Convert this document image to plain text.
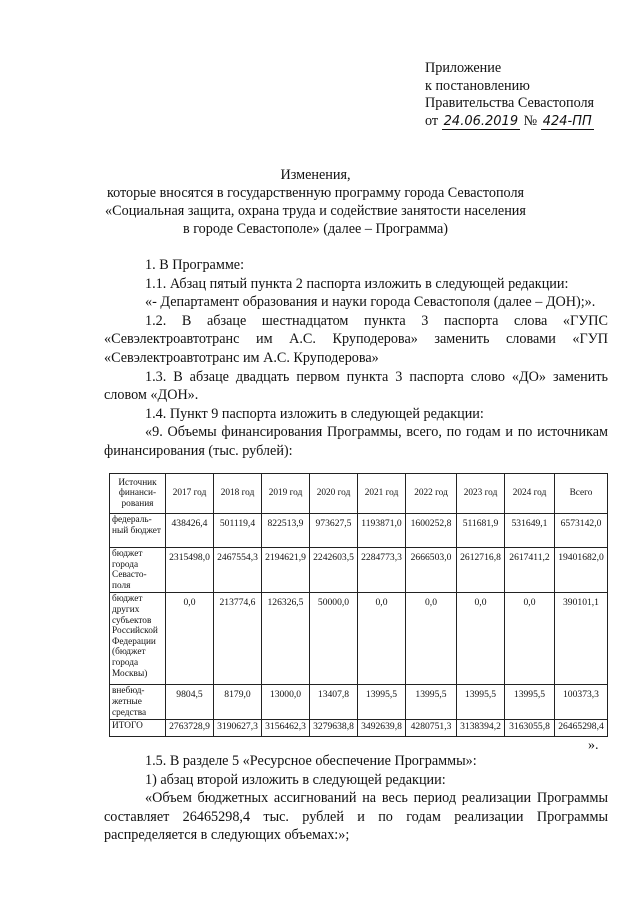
Приложение
к постановлению
Правительства Севастополя
от 24.06.2019 № 424-ПП
Изменения,
которые вносятся в государственную программу города Севастополя
«Социальная защита, охрана труда и содействие занятости населения
в городе Севастополе» (далее – Программа)
1. В Программе:
1.1. Абзац пятый пункта 2 паспорта изложить в следующей редакции:
«- Департамент образования и науки города Севастополя (далее – ДОН);».
1.2. В абзаце шестнадцатом пункта 3 паспорта слова «ГУПС «Севэлектроавтотранс им А.С. Круподерова» заменить словами «ГУП «Севэлектроавтотранс им А.С. Круподерова»
1.3. В абзаце двадцать первом пункта 3 паспорта слово «ДО» заменить словом «ДОН».
1.4. Пункт 9 паспорта изложить в следующей редакции:
«9. Объемы финансирования Программы, всего, по годам и по источникам финансирования (тыс. рублей):
Источник финанси-рования	2017 год	2018 год	2019 год	2020 год	2021 год	2022 год	2023 год	2024 год	Всего
федераль-ный бюджет	438426,4	501119,4	822513,9	973627,5	1193871,0	1600252,8	511681,9	531649,1	6573142,0
бюджет города Севасто-поля	2315498,0	2467554,3	2194621,9	2242603,5	2284773,3	2666503,0	2612716,8	2617411,2	19401682,0
бюджет других субъектов Российской Федерации (бюджет города Москвы)	0,0	213774,6	126326,5	50000,0	0,0	0,0	0,0	0,0	390101,1
внебюд-жетные средства	9804,5	8179,0	13000,0	13407,8	13995,5	13995,5	13995,5	13995,5	100373,3
ИТОГО	2763728,9	3190627,3	3156462,3	3279638,8	3492639,8	4280751,3	3138394,2	3163055,8	26465298,4
».
1.5. В разделе 5 «Ресурсное обеспечение Программы»:
1) абзац второй изложить в следующей редакции:
«Объем бюджетных ассигнований на весь период реализации Программы составляет 26465298,4 тыс. рублей и по годам реализации Программы распределяется в следующих объемах:»;
